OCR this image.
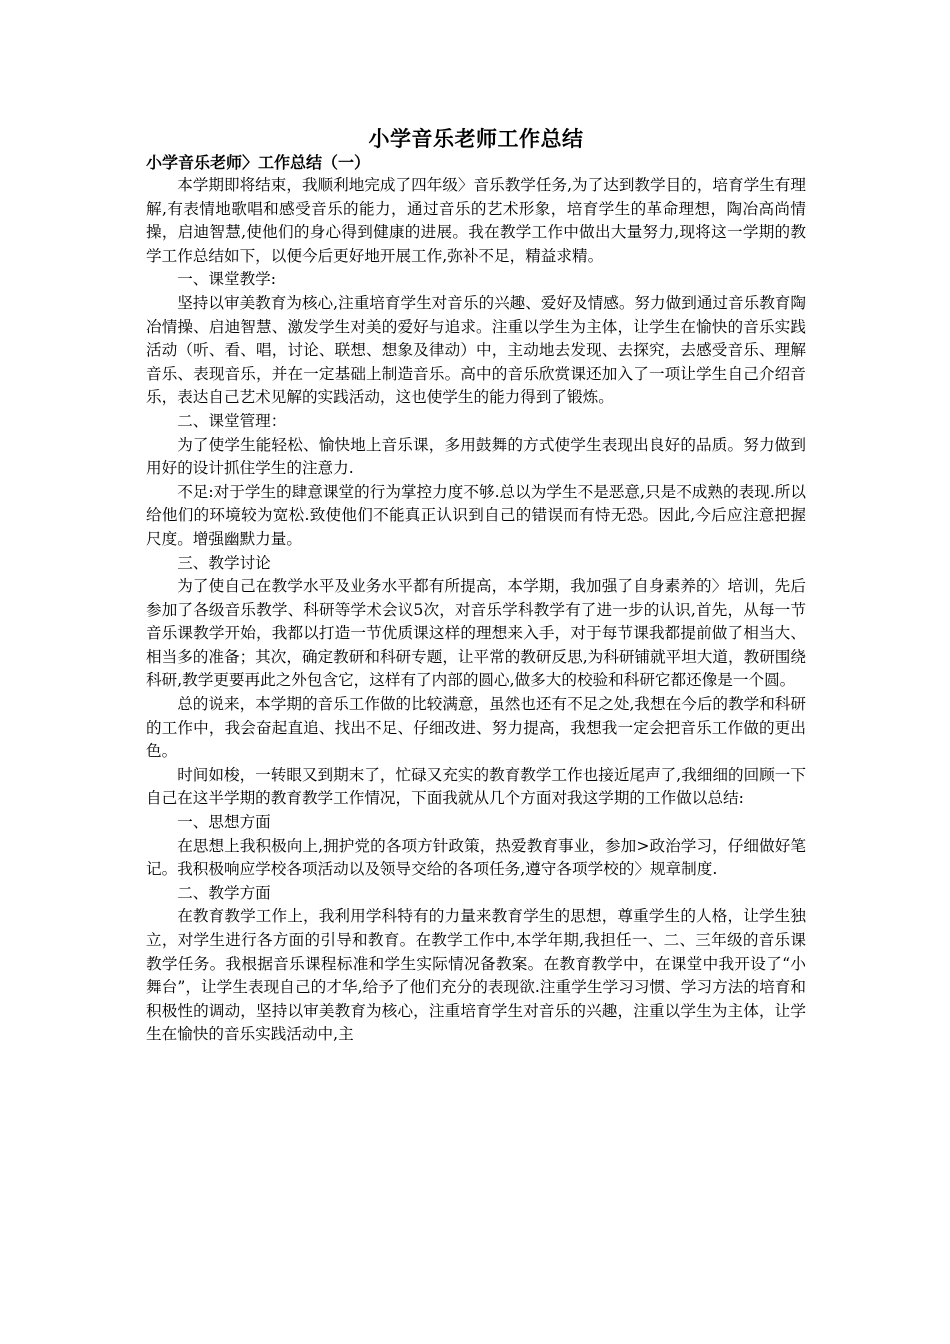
小学音乐老师工作总结
小学音乐老师〉工作总结（一）

本学期即将结束，我顺利地完成了四年级〉音乐教学任务,为了达到教学目的，培育学生有理解,有表情地歌唱和感受音乐的能力，通过音乐的艺术形象，培育学生的革命理想，陶冶高尚情操，启迪智慧,使他们的身心得到健康的进展。我在教学工作中做出大量努力,现将这一学期的教学工作总结如下，以便今后更好地开展工作,弥补不足，精益求精。

一、课堂教学:

坚持以审美教育为核心,注重培育学生对音乐的兴趣、爱好及情感。努力做到通过音乐教育陶冶情操、启迪智慧、激发学生对美的爱好与追求。注重以学生为主体，让学生在愉快的音乐实践活动（听、看、唱，讨论、联想、想象及律动）中，主动地去发现、去探究，去感受音乐、理解音乐、表现音乐，并在一定基础上制造音乐。高中的音乐欣赏课还加入了一项让学生自己介绍音乐，表达自己艺术见解的实践活动，这也使学生的能力得到了锻炼。

二、课堂管理：

为了使学生能轻松、愉快地上音乐课，多用鼓舞的方式使学生表现出良好的品质。努力做到用好的设计抓住学生的注意力.

不足:对于学生的肆意课堂的行为掌控力度不够.总以为学生不是恶意,只是不成熟的表现.所以给他们的环境较为宽松.致使他们不能真正认识到自己的错误而有恃无恐。因此,今后应注意把握尺度。增强幽默力量。

三、教学讨论

为了使自己在教学水平及业务水平都有所提高，本学期，我加强了自身素养的〉培训，先后参加了各级音乐教学、科研等学术会议5次，对音乐学科教学有了进一步的认识,首先，从每一节音乐课教学开始，我都以打造一节优质课这样的理想来入手，对于每节课我都提前做了相当大、相当多的准备；其次，确定教研和科研专题，让平常的教研反思,为科研铺就平坦大道，教研围绕科研,教学更要再此之外包含它，这样有了内部的圆心,做多大的校验和科研它都还像是一个圆。

总的说来，本学期的音乐工作做的比较满意，虽然也还有不足之处,我想在今后的教学和科研的工作中，我会奋起直追、找出不足、仔细改进、努力提高，我想我一定会把音乐工作做的更出色。

时间如梭，一转眼又到期末了，忙碌又充实的教育教学工作也接近尾声了,我细细的回顾一下自己在这半学期的教育教学工作情况，下面我就从几个方面对我这学期的工作做以总结:

一、思想方面

在思想上我积极向上,拥护党的各项方针政策，热爱教育事业，参加>政治学习，仔细做好笔记。我积极响应学校各项活动以及领导交给的各项任务,遵守各项学校的〉规章制度.

二、教学方面

在教育教学工作上，我利用学科特有的力量来教育学生的思想，尊重学生的人格，让学生独立，对学生进行各方面的引导和教育。在教学工作中,本学年期,我担任一、二、三年级的音乐课教学任务。我根据音乐课程标准和学生实际情况备教案。在教育教学中，在课堂中我开设了“小舞台”，让学生表现自己的才华,给予了他们充分的表现欲.注重学生学习习惯、学习方法的培育和积极性的调动，坚持以审美教育为核心，注重培育学生对音乐的兴趣，注重以学生为主体，让学生在愉快的音乐实践活动中,主
